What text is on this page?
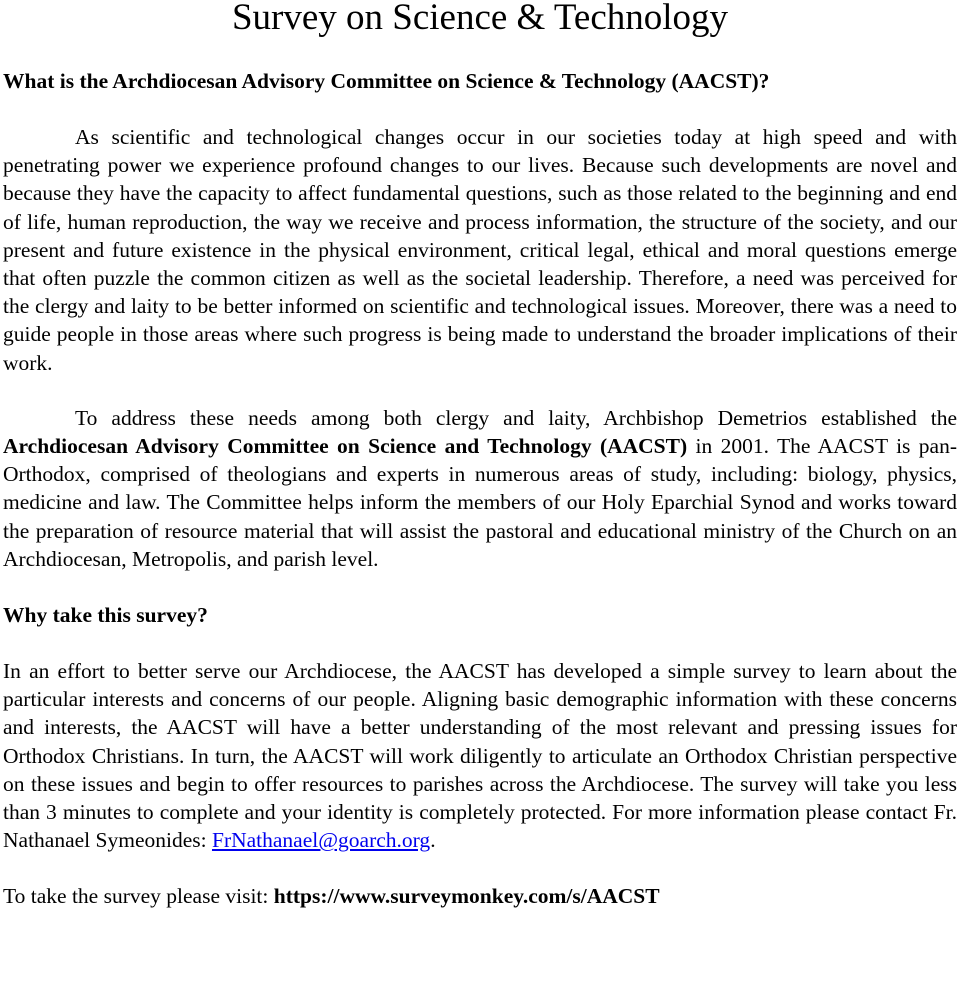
Survey on Science & Technology
What is the Archdiocesan Advisory Committee on Science & Technology (AACST)?

As scientific and technological changes occur in our societies today at high speed and with penetrating power we experience profound changes to our lives. Because such developments are novel and because they have the capacity to affect fundamental questions, such as those related to the beginning and end of life, human reproduction, the way we receive and process information, the structure of the society, and our present and future existence in the physical environment, critical legal, ethical and moral questions emerge that often puzzle the common citizen as well as the societal leadership. Therefore, a need was perceived for the clergy and laity to be better informed on scientific and technological issues. Moreover, there was a need to guide people in those areas where such progress is being made to understand the broader implications of their work.

To address these needs among both clergy and laity, Archbishop Demetrios established the Archdiocesan Advisory Committee on Science and Technology (AACST) in 2001. The AACST is pan-Orthodox, comprised of theologians and experts in numerous areas of study, including: biology, physics, medicine and law. The Committee helps inform the members of our Holy Eparchial Synod and works toward the preparation of resource material that will assist the pastoral and educational ministry of the Church on an Archdiocesan, Metropolis, and parish level.

Why take this survey?

In an effort to better serve our Archdiocese, the AACST has developed a simple survey to learn about the particular interests and concerns of our people. Aligning basic demographic information with these concerns and interests, the AACST will have a better understanding of the most relevant and pressing issues for Orthodox Christians. In turn, the AACST will work diligently to articulate an Orthodox Christian perspective on these issues and begin to offer resources to parishes across the Archdiocese. The survey will take you less than 3 minutes to complete and your identity is completely protected. For more information please contact Fr. Nathanael Symeonides: FrNathanael@goarch.org.

To take the survey please visit: https://www.surveymonkey.com/s/AACST
